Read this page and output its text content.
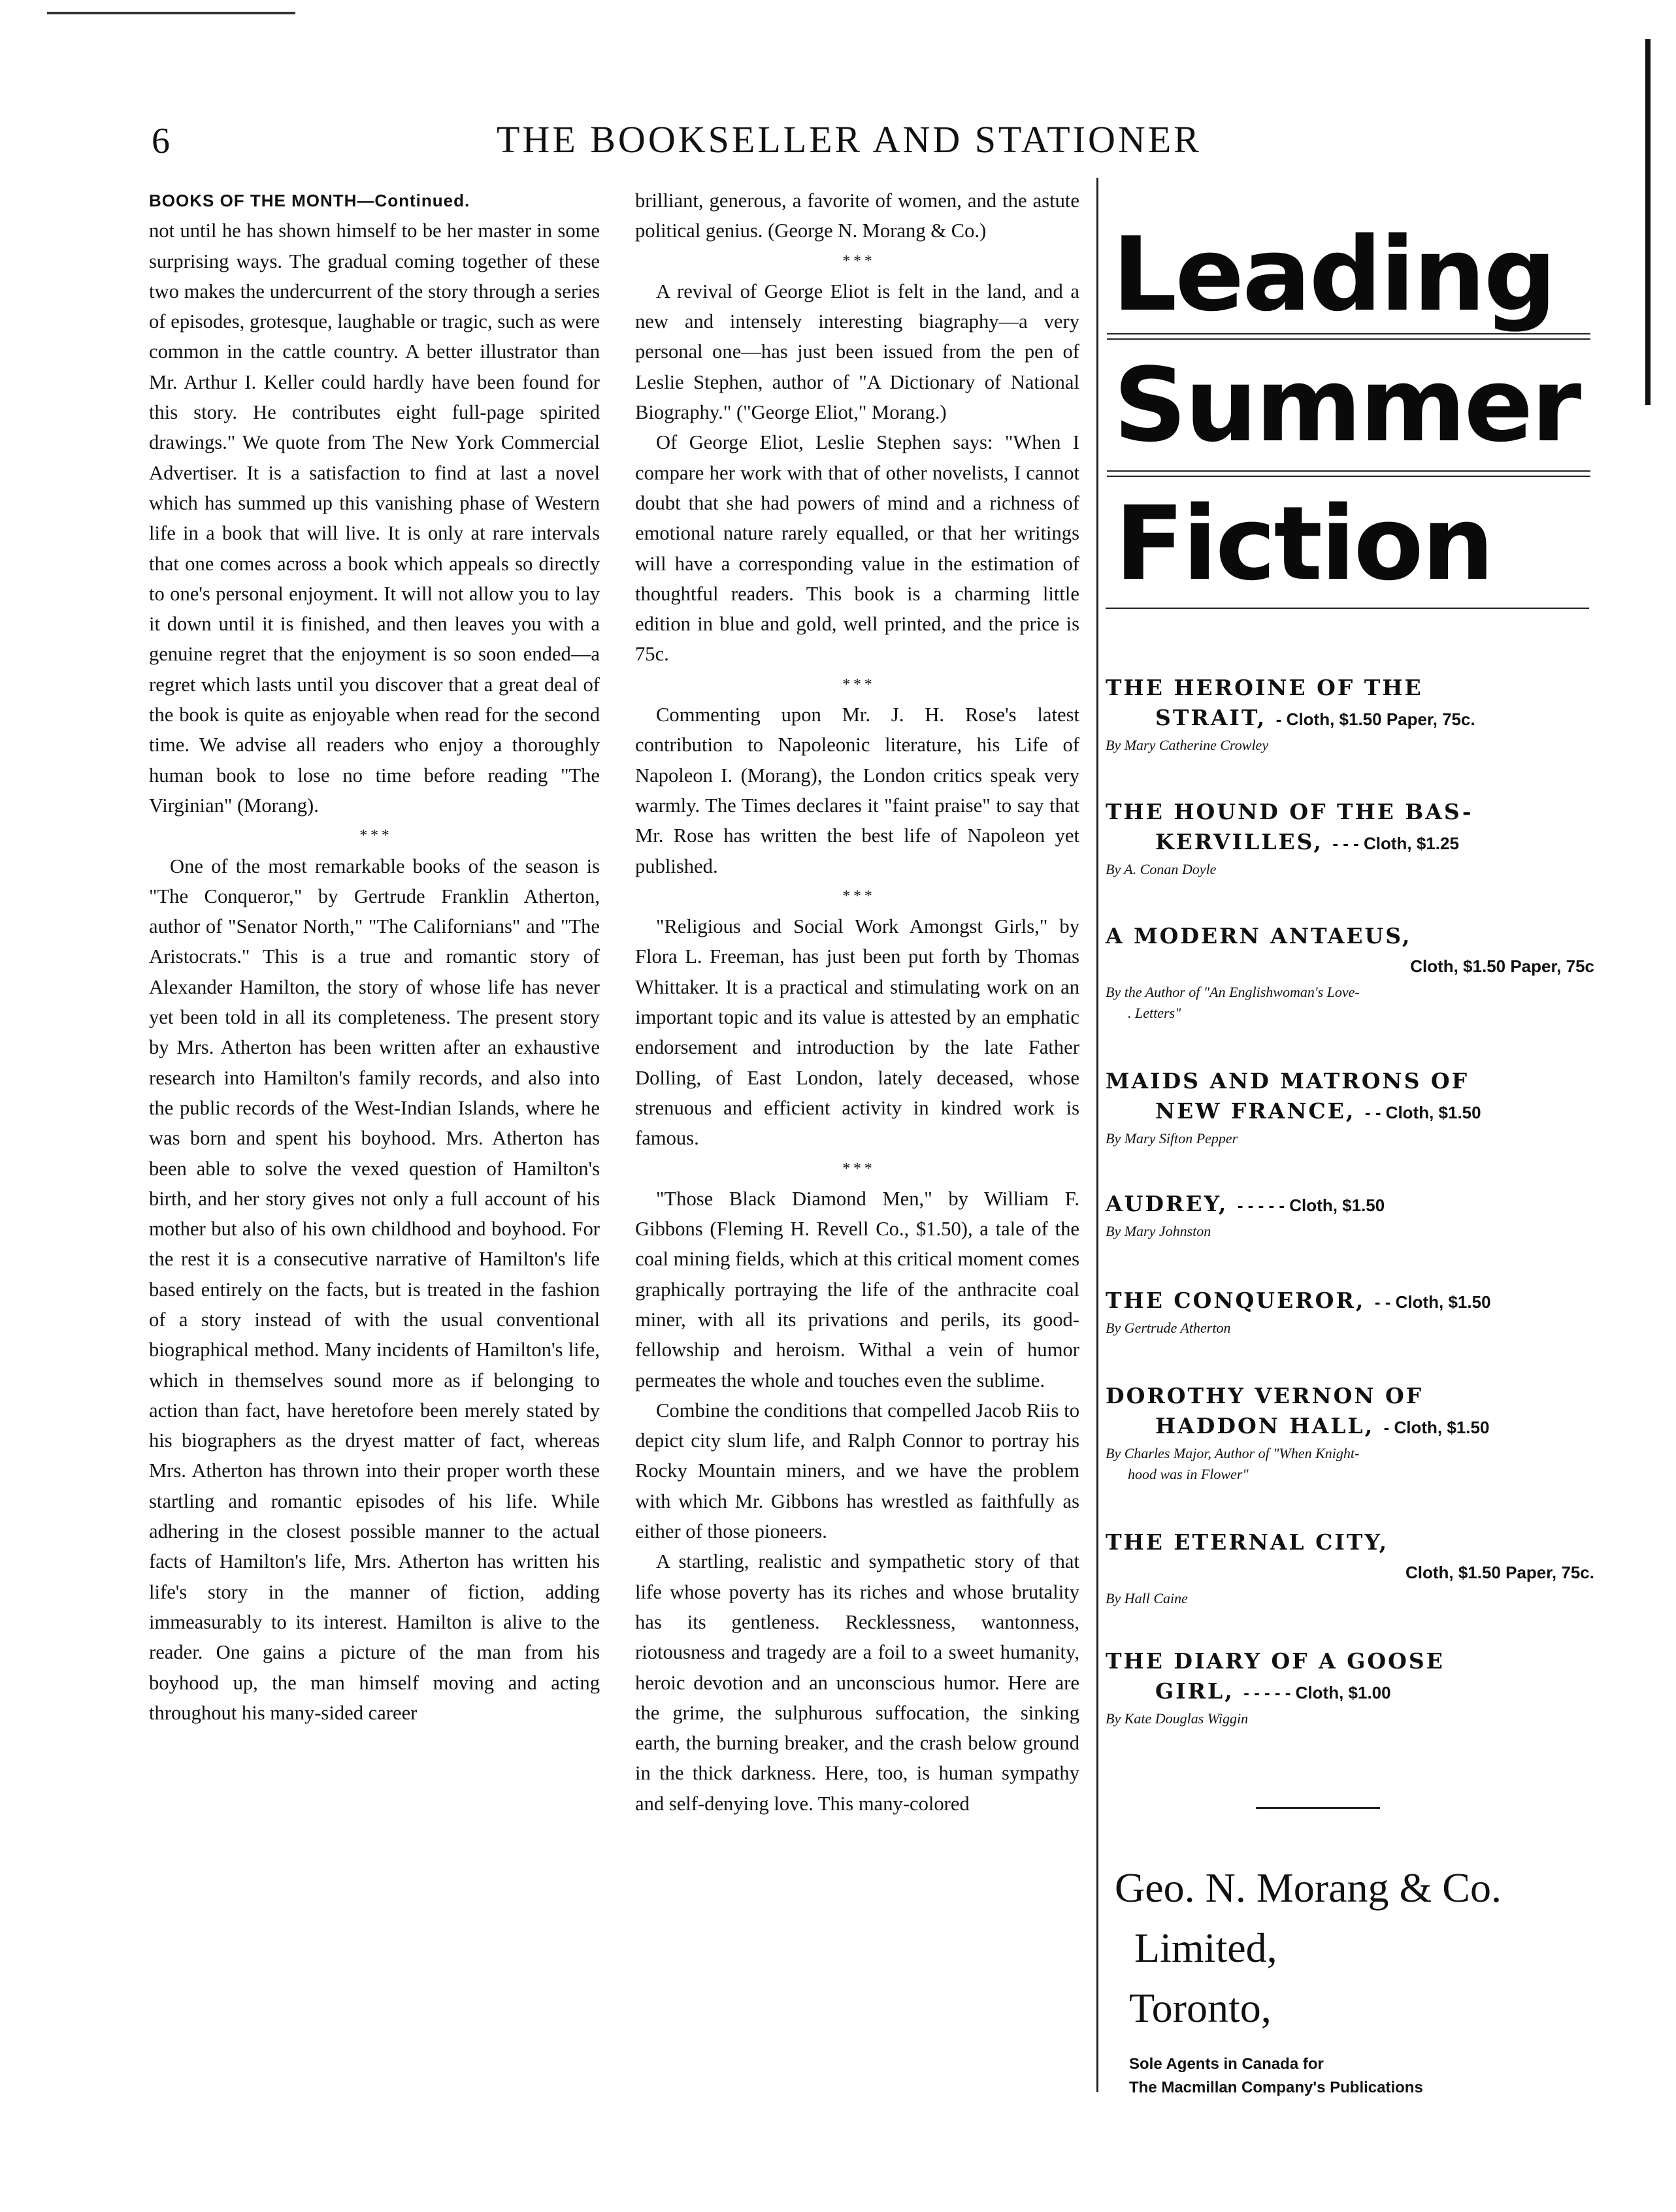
6	THE BOOKSELLER AND STATIONER

BOOKS OF THE MONTH—Continued.

not until he has shown himself to be her master in some surprising ways. The gradual coming together of these two makes the undercurrent of the story through a series of episodes, grotesque, laughable or tragic, such as were common in the cattle country. A better illustrator than Mr. Arthur I. Keller could hardly have been found for this story. He contributes eight full-page spirited drawings." We quote from The New York Commercial Advertiser. It is a satisfaction to find at last a novel which has summed up this vanishing phase of Western life in a book that will live. It is only at rare intervals that one comes across a book which appeals so directly to one's personal enjoyment. It will not allow you to lay it down until it is finished, and then leaves you with a genuine regret that the enjoyment is so soon ended—a regret which lasts until you discover that a great deal of the book is quite as enjoyable when read for the second time. We advise all readers who enjoy a thoroughly human book to lose no time before reading "The Virginian" (Morang).

* * *

One of the most remarkable books of the season is "The Conqueror," by Gertrude Franklin Atherton, author of "Senator North," "The Californians" and "The Aristocrats." This is a true and romantic story of Alexander Hamilton, the story of whose life has never yet been told in all its completeness. The present story by Mrs. Atherton has been written after an exhaustive research into Hamilton's family records, and also into the public records of the West-Indian Islands, where he was born and spent his boyhood. Mrs. Atherton has been able to solve the vexed question of Hamilton's birth, and her story gives not only a full account of his mother but also of his own childhood and boyhood. For the rest it is a consecutive narrative of Hamilton's life based entirely on the facts, but is treated in the fashion of a story instead of with the usual conventional biographical method. Many incidents of Hamilton's life, which in themselves sound more as if belonging to action than fact, have heretofore been merely stated by his biographers as the dryest matter of fact, whereas Mrs. Atherton has thrown into their proper worth these startling and romantic episodes of his life. While adhering in the closest possible manner to the actual facts of Hamilton's life, Mrs. Atherton has written his life's story in the manner of fiction, adding immeasurably to its interest. Hamilton is alive to the reader. One gains a picture of the man from his boyhood up, the man himself moving and acting throughout his many-sided career

brilliant, generous, a favorite of women, and the astute political genius. (George N. Morang & Co.)

* * *

A revival of George Eliot is felt in the land, and a new and intensely interesting biagraphy—a very personal one—has just been issued from the pen of Leslie Stephen, author of "A Dictionary of National Biography." ("George Eliot," Morang.)

Of George Eliot, Leslie Stephen says: "When I compare her work with that of other novelists, I cannot doubt that she had powers of mind and a richness of emotional nature rarely equalled, or that her writings will have a corresponding value in the estimation of thoughtful readers. This book is a charming little edition in blue and gold, well printed, and the price is 75c.

* * *

Commenting upon Mr. J. H. Rose's latest contribution to Napoleonic literature, his Life of Napoleon I. (Morang), the London critics speak very warmly. The Times declares it "faint praise" to say that Mr. Rose has written the best life of Napoleon yet published.

* * *

"Religious and Social Work Amongst Girls," by Flora L. Freeman, has just been put forth by Thomas Whittaker. It is a practical and stimulating work on an important topic and its value is attested by an emphatic endorsement and introduction by the late Father Dolling, of East London, lately deceased, whose strenuous and efficient activity in kindred work is famous.

* * *

"Those Black Diamond Men," by William F. Gibbons (Fleming H. Revell Co., $1.50), a tale of the coal mining fields, which at this critical moment comes graphically portraying the life of the anthracite coal miner, with all its privations and perils, its good-fellowship and heroism. Withal a vein of humor permeates the whole and touches even the sublime.

Combine the conditions that compelled Jacob Riis to depict city slum life, and Ralph Connor to portray his Rocky Mountain miners, and we have the problem with which Mr. Gibbons has wrestled as faithfully as either of those pioneers.

A startling, realistic and sympathetic story of that life whose poverty has its riches and whose brutality has its gentleness. Recklessness, wantonness, riotousness and tragedy are a foil to a sweet humanity, heroic devotion and an unconscious humor. Here are the grime, the sulphurous suffocation, the sinking earth, the burning breaker, and the crash below ground in the thick darkness. Here, too, is human sympathy and self-denying love. This many-colored

Leading
Summer
Fiction
THE HEROINE OF THE
STRAIT, - Cloth, $1.50 Paper, 75c.
By Mary Catherine Crowley
THE HOUND OF THE BAS-
KERVILLES, - - - Cloth, $1.25
By A. Conan Doyle
A MODERN ANTAEUS,
Cloth, $1.50 Paper, 75c
By the Author of "An Englishwoman's Love-
. Letters"
MAIDS AND MATRONS OF
NEW FRANCE, - - Cloth, $1.50
By Mary Sifton Pepper
AUDREY, - - - - - Cloth, $1.50
By Mary Johnston
THE CONQUEROR, - - Cloth, $1.50
By Gertrude Atherton
DOROTHY VERNON OF
HADDON HALL, - Cloth, $1.50
By Charles Major, Author of "When Knight-
hood was in Flower"
THE ETERNAL CITY,
Cloth, $1.50 Paper, 75c.
By Hall Caine
THE DIARY OF A GOOSE
GIRL, - - - - - Cloth, $1.00
By Kate Douglas Wiggin
Geo. N. Morang & Co.
Limited,
Toronto,
Sole Agents in Canada for
The Macmillan Company's Publications
